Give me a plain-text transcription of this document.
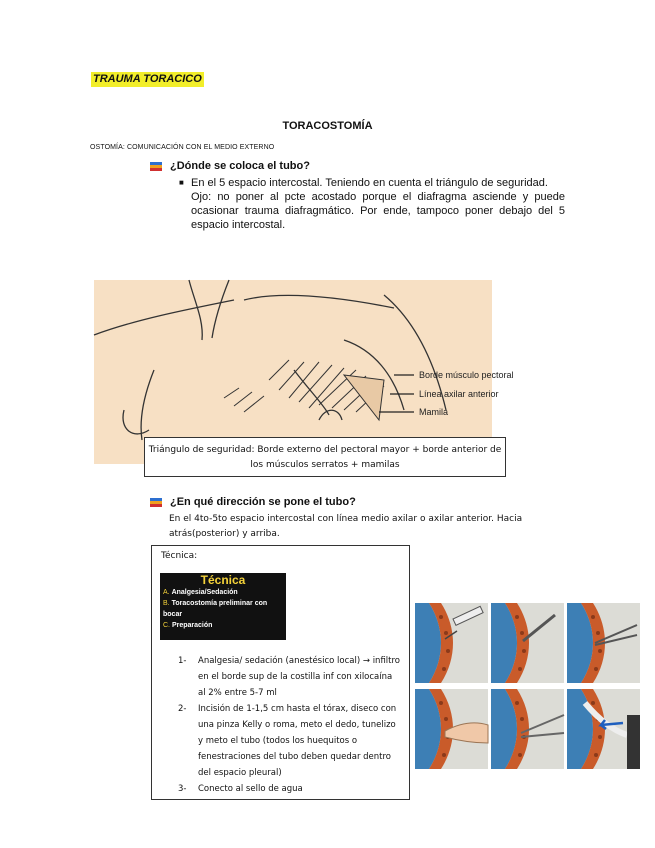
TRAUMA TORACICO
TORACOSTOMÍA
OSTOMÍA: COMUNICACIÓN CON EL MEDIO EXTERNO
¿Dónde se coloca el tubo?
■ En el 5 espacio intercostal. Teniendo en cuenta el triángulo de seguridad.
Ojo: no poner al pcte acostado porque el diafragma asciende y puede ocasionar trauma diafragmático. Por ende, tampoco poner debajo del 5 espacio intercostal.
Borde músculo pectoral
Línea axilar anterior
Mamila
Triángulo de seguridad: Borde externo del pectoral mayor + borde anterior de los músculos serratos + mamilas
¿En qué dirección se pone el tubo?
En el 4to-5to espacio intercostal con línea medio axilar o axilar anterior. Hacia atrás(posterior) y arriba.
Técnica:
Técnica
A. Analgesia/Sedación
B. Toracostomía preliminar con bocar
C. Preparación
1- Analgesia/ sedación (anestésico local) → infiltro en el borde sup de la costilla inf con xilocaína al 2% entre 5-7 ml
2- Incisión de 1-1,5 cm hasta el tórax, diseco con una pinza Kelly o roma, meto el dedo, tunelizo y meto el tubo (todos los huequitos o fenestraciones del tubo deben quedar dentro del espacio pleural)
3- Conecto al sello de agua
